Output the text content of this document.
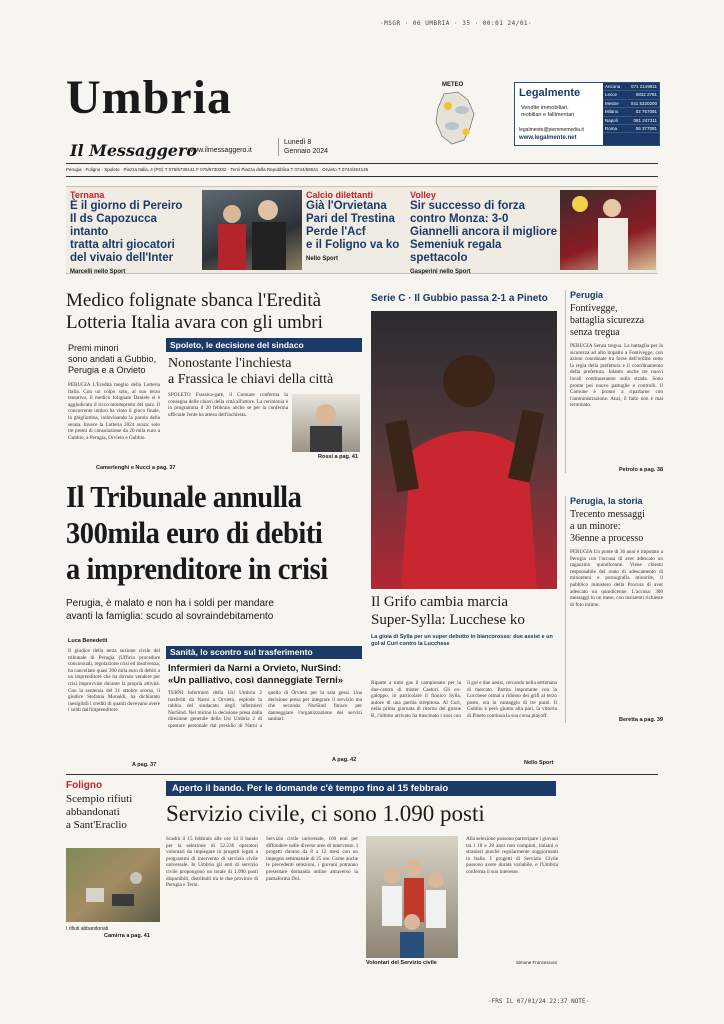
·MSGR · 06 UMBRIA · 35 · 00:01 24/01·
Umbria
Il Messaggero
www.ilmessaggero.it
Lunedì 8
Gennaio 2024
METEO
Legalmente
Vendite immobiliari,
mobiliari e fallimentari
legalmente@piemmemedia.it
www.legalmente.net
Ancona 071 2149811
Lecce	0832 2781
Mestre	041 5320200
Milano	02 757091
Napoli	081 247311
Roma	06 377081
Perugia · Foligno · Spoleto · Piazza Italia, 4 (PG) T 075/5736141 F 075/5730282 · Terni Piazza della Repubblica T 0744/58041 · Orvieto T 0744/404125
Ternana
È il giorno di Pereiro
Il ds Capozucca intanto
tratta altri giocatori
del vivaio dell'Inter
Marcelli nello Sport
Calcio dilettanti
Già l'Orvietana
Pari del Trestina
Perde l'Acf
e il Foligno va ko
Nello Sport
Volley
Sir successo di forza
contro Monza: 3-0
Giannelli ancora il migliore
Semeniuk regala spettacolo
Gasperini nello Sport
Medico folignate sbanca l'Eredità
Lotteria Italia avara con gli umbri
Premi minori
sono andati a Gubbio,
Perugia e a Orvieto
PERUGIA L'Eredità meglio della Lotteria Italia. Con un colpo solo, al suo terzo tentativo, il medico folignate Daniele si è aggiudicato il ricco montepremi del quiz. Il concorrente umbro ha vinto il gioco finale, la ghigliottina, indovinando la parola della serata. Invece la Lotteria 2024 avara: solo tre premi di consolazione da 20 mila euro a Gubbio, a Perugia, Orvieto e Gubbio.
Camerlenghi e Nucci a pag. 37
Spoleto, le decisione del sindaco
Nonostante l'inchiesta
a Frassica le chiavi della città
SPOLETO Frassica-gate, il Comune conferma la consegna delle chiavi della città all'attore. La cerimonia è in programma il 20 febbraio anche se per la conferma ufficiale l'ente ha atteso dell'inchiesta.
Rossi a pag. 41
Serie C · Il Gubbio passa 2-1 a Pineto
Il Grifo cambia marcia
Super-Sylla: Lucchese ko
La gioia di Sylla per un super debutto in biancorosso: due assist e un gol al Curi contro la Lucchese
Riparte a tutto gas il campionato per la due-centro di mister Castori. Gli ex-galoppo, in particolare il finnico Sylla, autore di una partita strepitosa. Al Curi, nella prima giornata di ritorno del girone B, l'ultimo arrivato ha trascinato i suoi con il gol e due assist, cercando nella settimana di mercato. Partita importante con la Lucchese ormai a ridosso dei grifi al terzo posto, ora in vantaggio di tre punti. Il Gubbio è però giunto alla pari, la vittoria di Pineto continua la sua corsa playoff.
Nello Sport
Perugia
Fontivegge,
battaglia sicurezza
senza tregua
PERUGIA Senza tregua. La battaglia per la sicurezza ad alto impatto a Fontivegge, con azioni coordinate tra forze dell'ordine sotto la regia della prefettura e il coordinamento della prefettura. Intanto anche tre nuovi locali continueranno sulla strada. Sono pronte poi nuove pattuglie e controlli. Il Comune è pronto a riparlarne con l'amministrazione. Anzi, il fatto non è mai terminato.
Petrolo a pag. 38
Perugia, la storia
Trecento messaggi
a un minore:
36enne a processo
PERUGIA Un ponte di 36 anni è imputato a Perugia con l'accusa di aver adescato un ragazzino quindicenne. Viene chiesto responsabile del reato di adescamento di minorenni e pornografia minorile, il pubblico ministero della Procura di aver adescato un quindicenne. L'accusa: 300 messaggi in un mese, con insistenti richieste di foto intime.
Beretta a pag. 39
Il Tribunale annulla
300mila euro di debiti
a imprenditore in crisi
Perugia, è malato e non ha i soldi per mandare
avanti la famiglia: scudo al sovraindebitamento
Luca Benedetti
Il giudice della terza sezione civile del tribunale di Perugia (Ufficio procedure concorsuali, regolazione crisi ed insolvenza, ha cancellato quasi 300 mila euro di debiti a un imprenditore che ha dovuto vendere per crisi improvvise durante la propria attività. Con la sentenza del 31 ottobre scorso, il giudice Stefania Monaldi, ha dichiarato inesigibili i crediti di quanti dovevano avere i soldi dall'imprenditore.
A pag. 37
Sanità, lo scontro sul trasferimento
Infermieri da Narni a Orvieto, NurSind:
«Un palliativo, così danneggiate Terni»
TERNI Infermieri della Usl Umbria 2 trasferiti da Narni a Orvieto, esplode la rabbia del sindacato degli infermieri NurSind. Nel mirino la decisione presa dalla direzione generale della Usl Umbria 2 di spostare personale dal presidio di Narni a quello di Orvieto per la sala gessi. Una decisione presa per integrare il servizio ma che secondo NurSind finisce per danneggiare l'organizzazione dei servizi sanitari.
A pag. 42
Foligno
Scempio rifiuti
abbandonati
a Sant'Eraclio
I rifiuti abbandonati
Camirra a pag. 41
Aperto il bando. Per le domande c'è tempo fino al 15 febbraio
Servizio civile, ci sono 1.090 posti
Scadrà il 15 febbraio alle ore 14 il bando per la selezione di 52.236 operatori volontari da impiegare in progetti legati a programmi di intervento di servizio civile universale. In Umbria gli enti di servizio civile propongono un totale di 1.090 posti disponibili, distribuiti tra le due province di Perugia e Terni.
Servizio civile universale, 160 enti per diffondere nelle diverse aree di intervento. I progetti durano da 8 a 12 mesi con un impegno settimanale di 25 ore. Come anche le precedenti selezioni, i giovani potranno presentare domanda online attraverso la piattaforma Dol.
Volontari del Servizio civile
Alla selezione possono partecipare i giovani tra i 18 e 28 anni non compiuti, italiani o stranieri purché regolarmente soggiornanti in Italia. I progetti di Servizio Civile possono avere durata variabile, e l'Umbria conferma il suo interesse.
Simone Francesconi
·FRS IL 07/01/24 22:37 NOTE·
